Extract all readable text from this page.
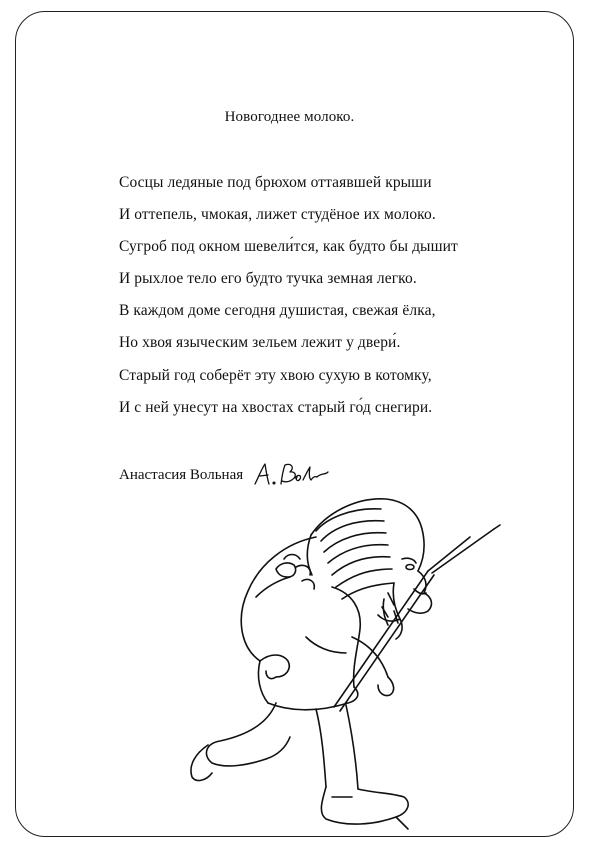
Новогоднее молоко.
Сосцы ледяные под брюхом оттаявшей крыши
И оттепель, чмокая, лижет студёное их молоко.
Сугроб под окном шевели́тся, как будто бы дышит
И рыхлое тело его будто тучка земная легко.
В каждом доме сегодня душистая, свежая ёлка,
Но хвоя языческим зельем лежит у двери́.
Старый год соберёт эту хвою сухую в котомку,
И с ней унесут на хвостах старый го́д снегири.
Анастасия Вольная
